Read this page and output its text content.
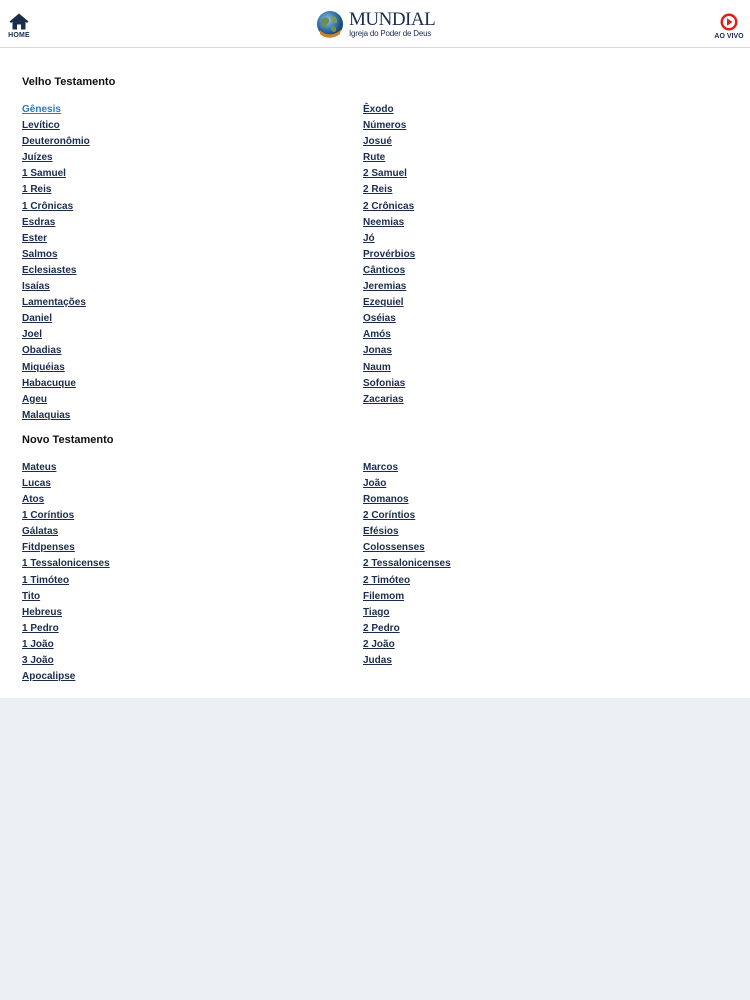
HOME
MUNDIAL
Igreja do Poder de Deus	AO VIVO
Velho Testamento
Gênesis	Êxodo
Levítico	Números
Deuteronômio	Josué
Juízes	Rute
1 Samuel	2 Samuel
1 Reis	2 Reis
1 Crônicas	2 Crônicas
Esdras	Neemias
Ester	Jó
Salmos	Provérbios
Eclesiastes	Cânticos
Isaías	Jeremias
Lamentações	Ezequiel
Daniel	Oséias
Joel	Amós
Obadias	Jonas
Miquéias	Naum
Habacuque	Sofonias
Ageu	Zacarias
Malaquias
Novo Testamento
Mateus	Marcos
Lucas	João
Atos	Romanos
1 Coríntios	2 Coríntios
Gálatas	Efésios
Fitdpenses	Colossenses
1 Tessalonicenses	2 Tessalonicenses
1 Timóteo	2 Timóteo
Tito	Filemom
Hebreus	Tiago
1 Pedro	2 Pedro
1 João	2 João
3 João	Judas
Apocalipse
